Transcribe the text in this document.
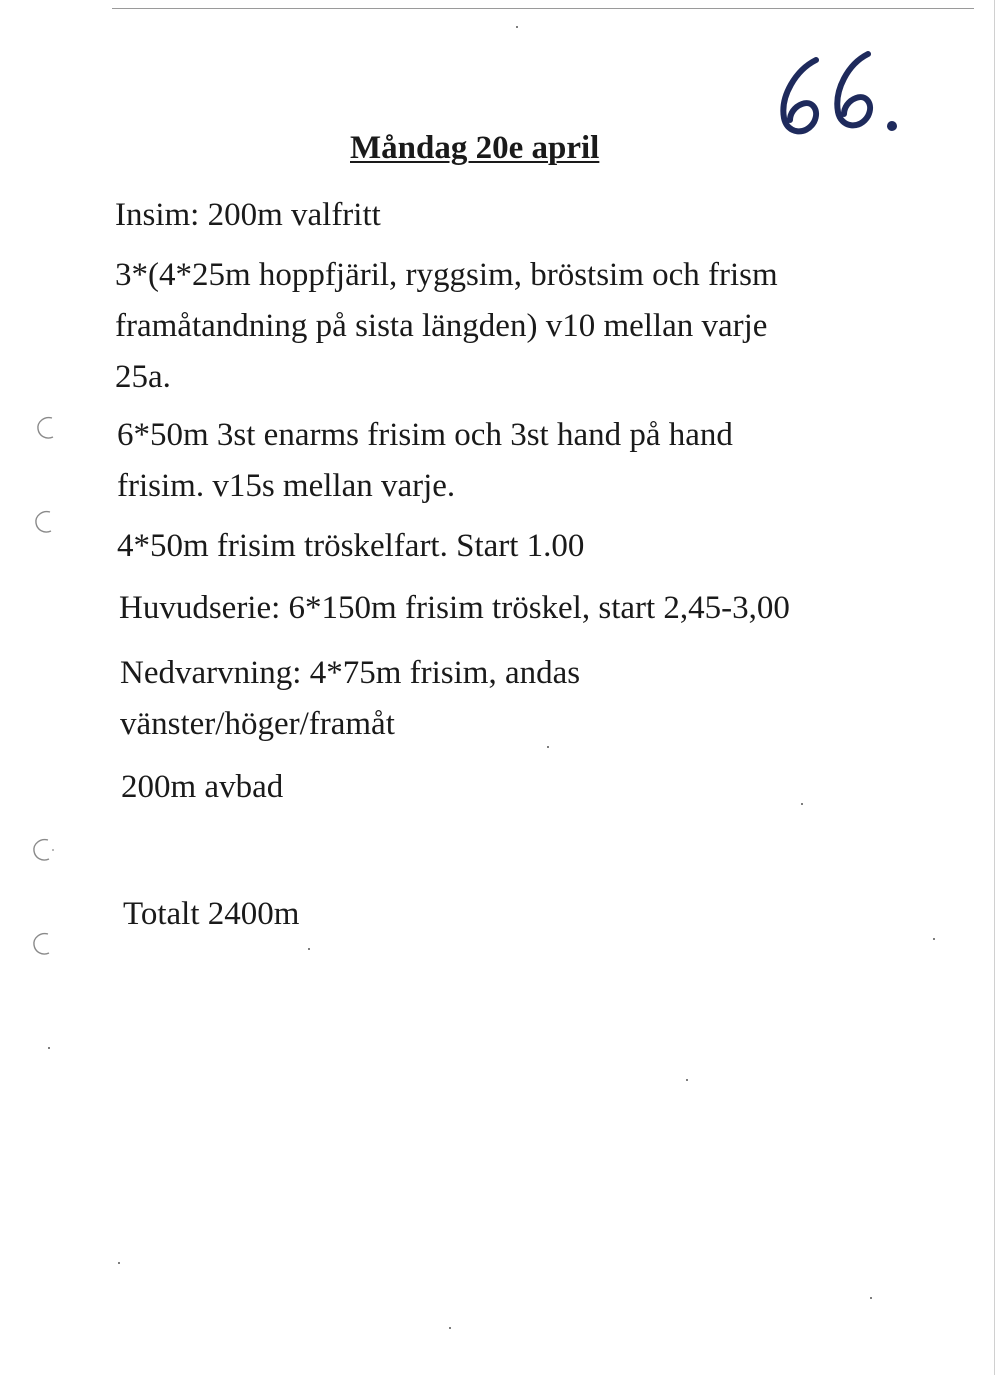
Måndag 20e april
Insim: 200m valfritt
3*(4*25m hoppfjäril, ryggsim, bröstsim och frism
framåtandning på sista längden) v10 mellan varje
25a.
6*50m 3st enarms frisim och 3st hand på hand
frisim. v15s mellan varje.
4*50m frisim tröskelfart. Start 1.00
Huvudserie: 6*150m frisim tröskel, start 2,45-3,00
Nedvarvning: 4*75m frisim, andas
vänster/höger/framåt
200m avbad
Totalt 2400m
